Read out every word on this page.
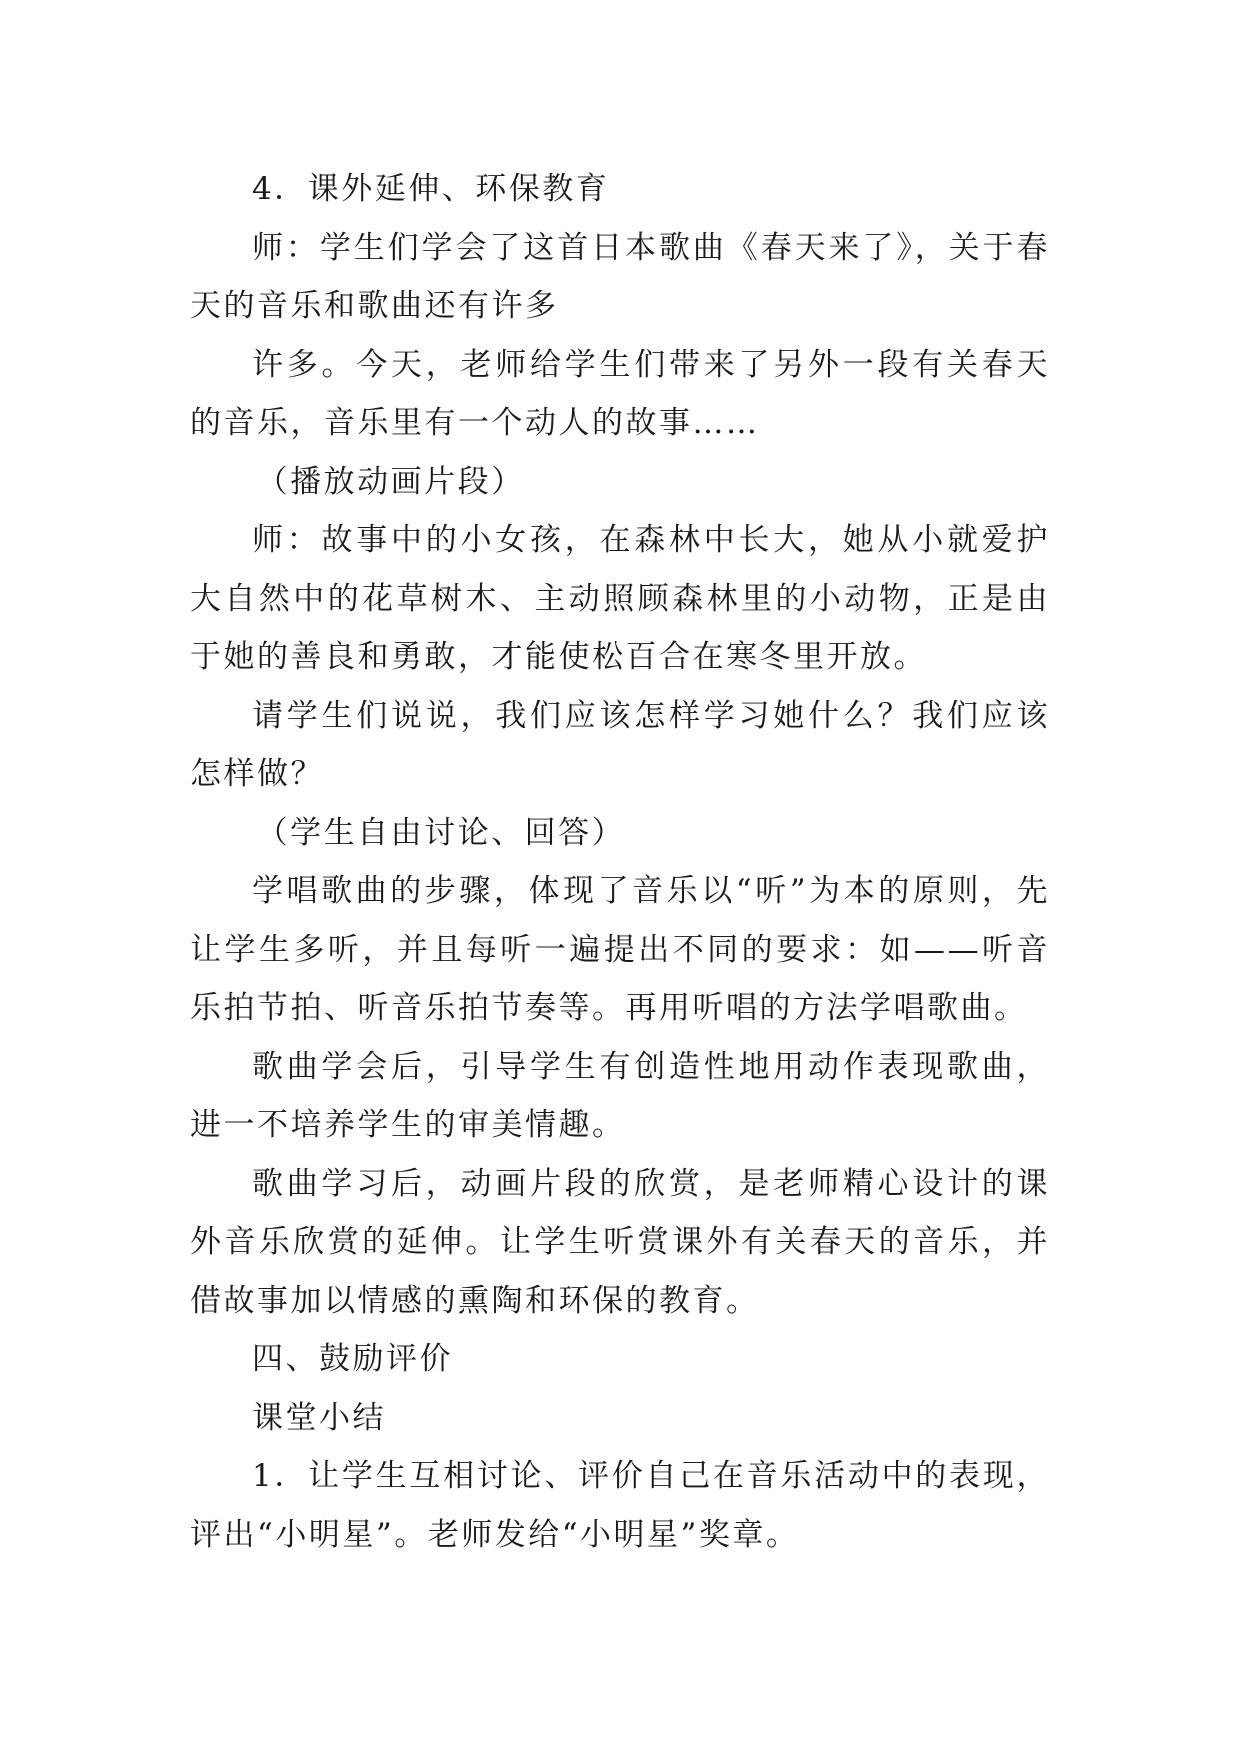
4．课外延伸、环保教育

师：学生们学会了这首日本歌曲《春天来了》，关于春天的音乐和歌曲还有许多

许多。今天，老师给学生们带来了另外一段有关春天的音乐，音乐里有一个动人的故事……

（播放动画片段）

师：故事中的小女孩，在森林中长大，她从小就爱护大自然中的花草树木、主动照顾森林里的小动物，正是由于她的善良和勇敢，才能使松百合在寒冬里开放。

请学生们说说，我们应该怎样学习她什么？我们应该怎样做？

（学生自由讨论、回答）

学唱歌曲的步骤，体现了音乐以“听”为本的原则，先让学生多听，并且每听一遍提出不同的要求：如——听音乐拍节拍、听音乐拍节奏等。再用听唱的方法学唱歌曲。

歌曲学会后，引导学生有创造性地用动作表现歌曲，进一不培养学生的审美情趣。

歌曲学习后，动画片段的欣赏，是老师精心设计的课外音乐欣赏的延伸。让学生听赏课外有关春天的音乐，并借故事加以情感的熏陶和环保的教育。

四、鼓励评价

课堂小结

1．让学生互相讨论、评价自己在音乐活动中的表现，评出“小明星”。老师发给“小明星”奖章。
